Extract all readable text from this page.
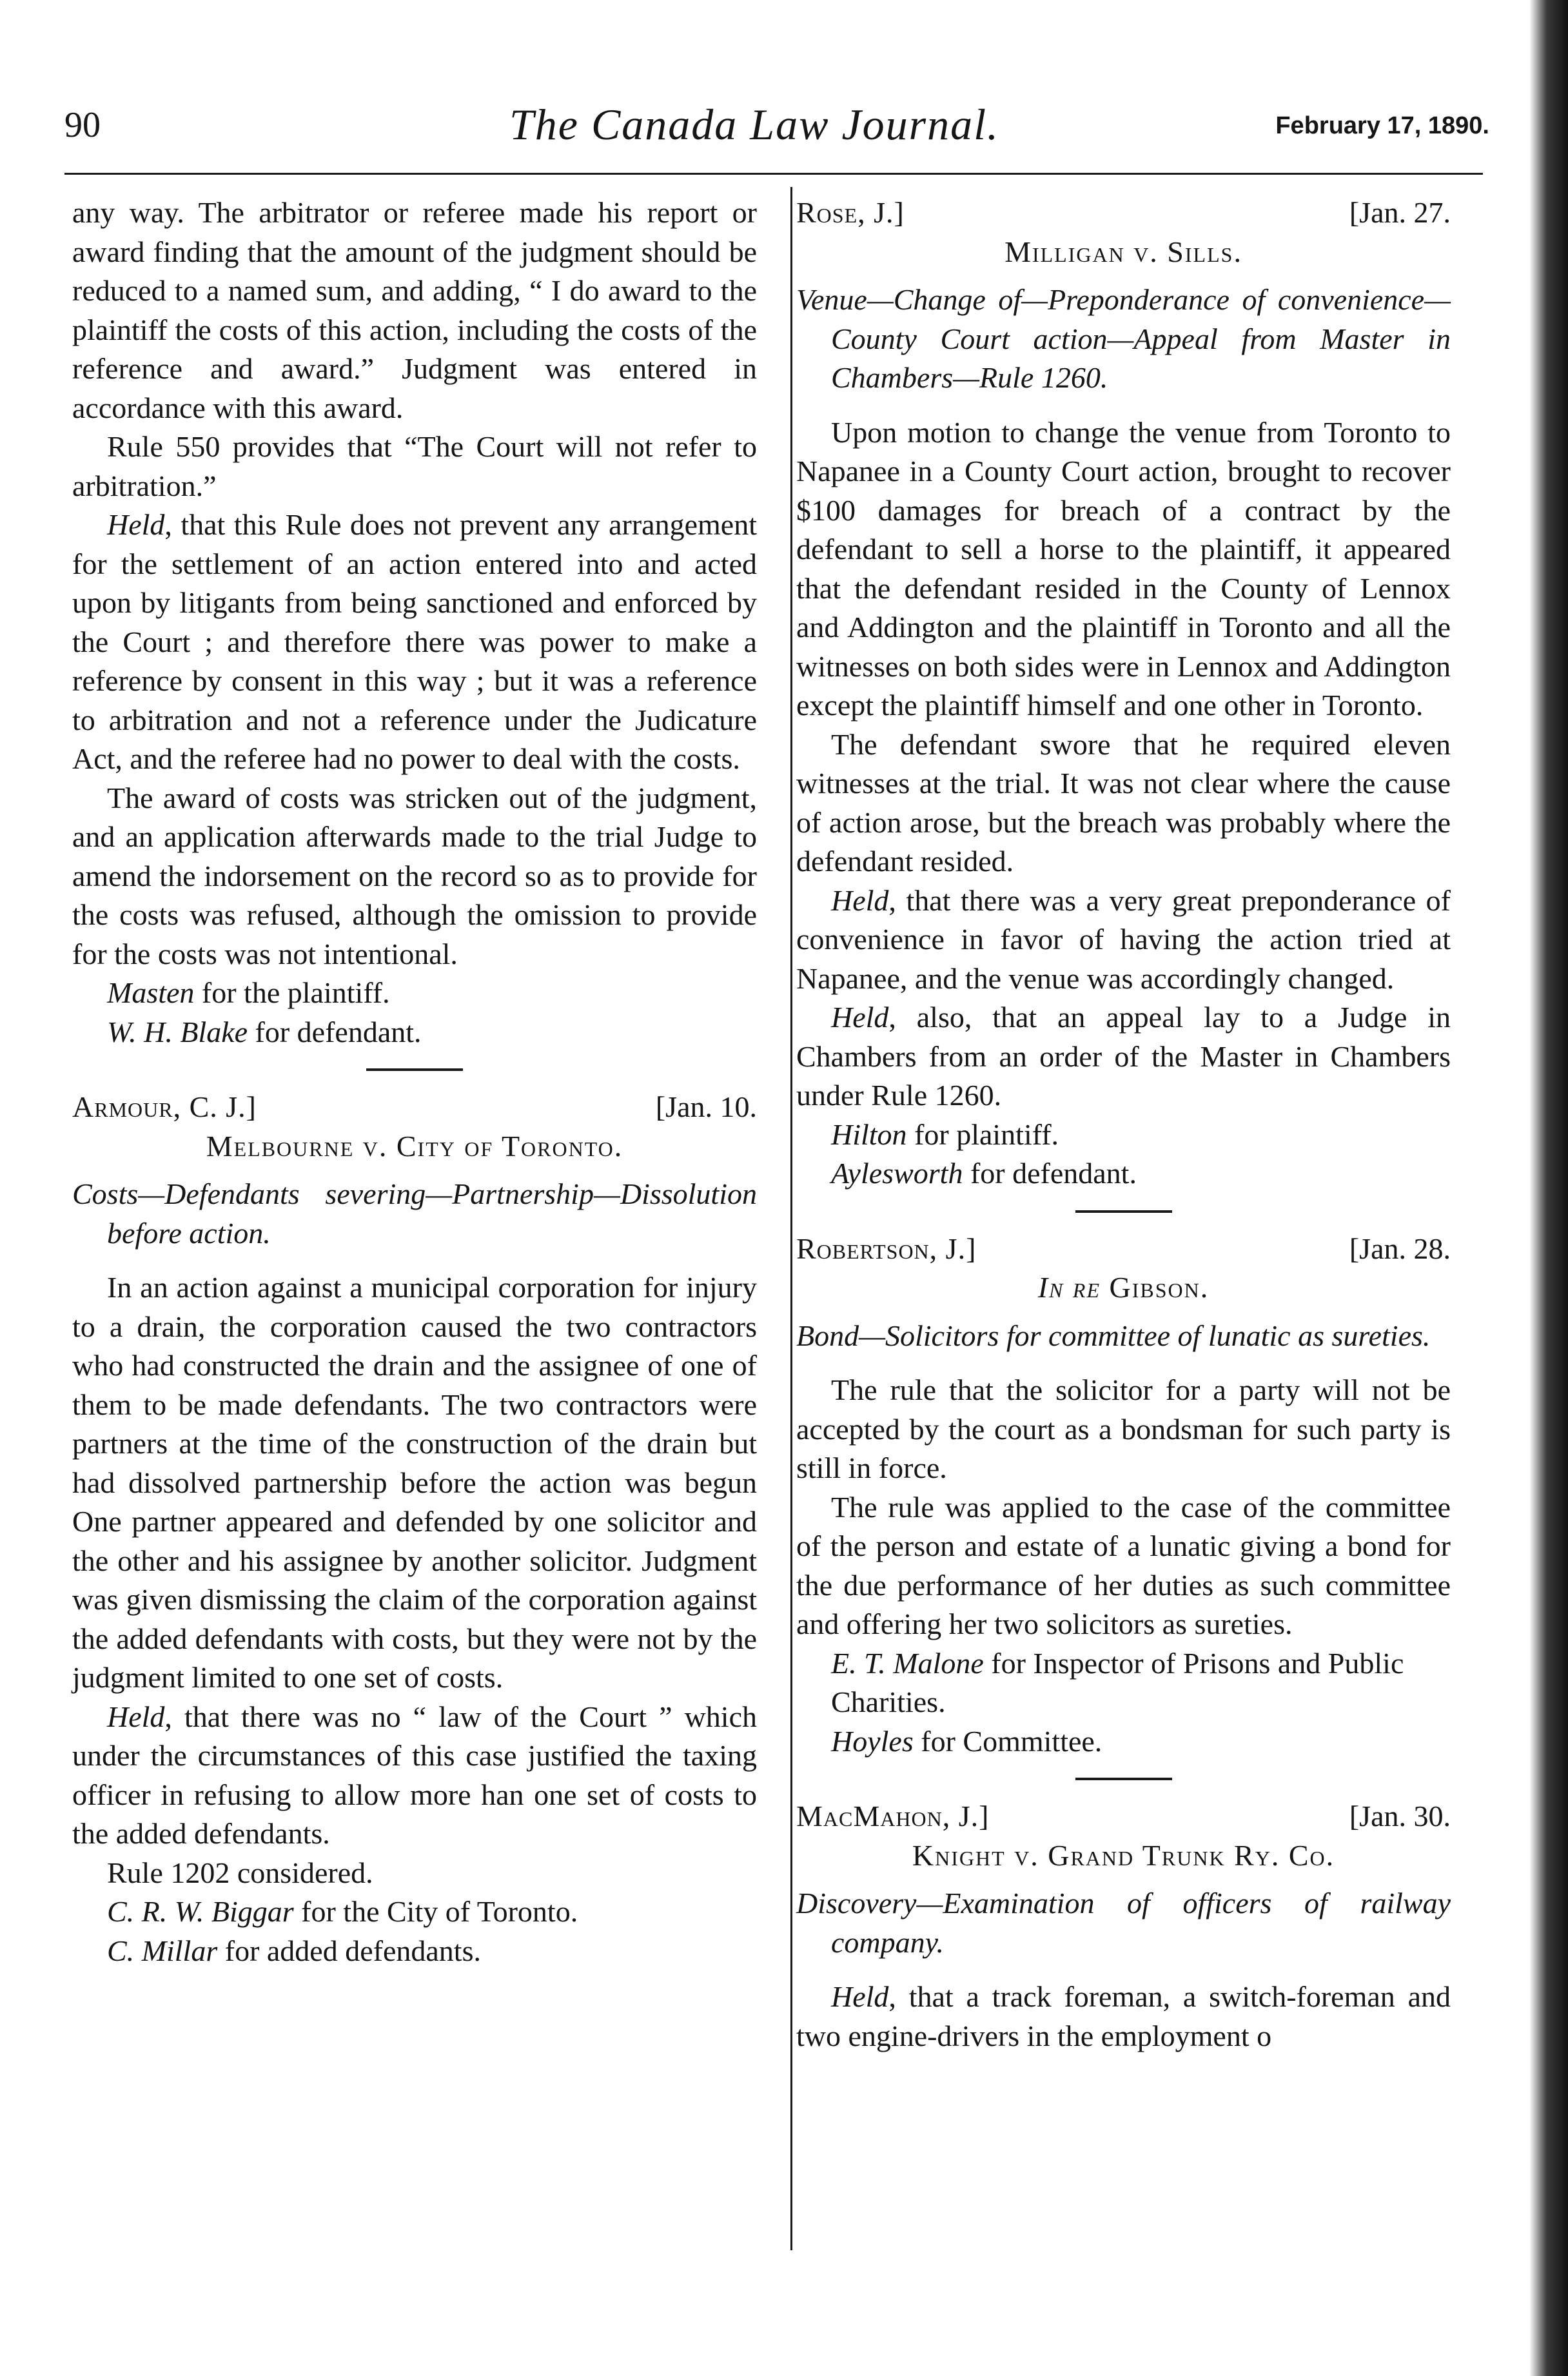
90	The Canada Law Journal.	February 17, 1890.

any way. The arbitrator or referee made his report or award finding that the amount of the judgment should be reduced to a named sum, and adding, “ I do award to the plaintiff the costs of this action, including the costs of the reference and award.” Judgment was entered in accordance with this award.

Rule 550 provides that “The Court will not refer to arbitration.”

Held, that this Rule does not prevent any arrangement for the settlement of an action entered into and acted upon by litigants from being sanctioned and enforced by the Court ; and therefore there was power to make a reference by consent in this way ; but it was a reference to arbitration and not a reference under the Judicature Act, and the referee had no power to deal with the costs.

The award of costs was stricken out of the judgment, and an application afterwards made to the trial Judge to amend the indorsement on the record so as to provide for the costs was refused, although the omission to provide for the costs was not intentional.

Masten for the plaintiff.

W. H. Blake for defendant.

Armour, C. J.]	[Jan. 10.

Melbourne v. City of Toronto.

Costs—Defendants severing—Partnership—Dissolution before action.

In an action against a municipal corporation for injury to a drain, the corporation caused the two contractors who had constructed the drain and the assignee of one of them to be made defendants. The two contractors were partners at the time of the construction of the drain but had dissolved partnership before the action was begun One partner appeared and defended by one solicitor and the other and his assignee by another solicitor. Judgment was given dismissing the claim of the corporation against the added defendants with costs, but they were not by the judgment limited to one set of costs.

Held, that there was no “ law of the Court ” which under the circumstances of this case justified the taxing officer in refusing to allow more han one set of costs to the added defendants.

Rule 1202 considered.

C. R. W. Biggar for the City of Toronto.

C. Millar for added defendants.

Rose, J.]	[Jan. 27.

Milligan v. Sills.

Venue—Change of—Preponderance of convenience—County Court action—Appeal from Master in Chambers—Rule 1260.

Upon motion to change the venue from Toronto to Napanee in a County Court action, brought to recover $100 damages for breach of a contract by the defendant to sell a horse to the plaintiff, it appeared that the defendant resided in the County of Lennox and Addington and the plaintiff in Toronto and all the witnesses on both sides were in Lennox and Addington except the plaintiff himself and one other in Toronto.

The defendant swore that he required eleven witnesses at the trial. It was not clear where the cause of action arose, but the breach was probably where the defendant resided.

Held, that there was a very great preponderance of convenience in favor of having the action tried at Napanee, and the venue was accordingly changed.

Held, also, that an appeal lay to a Judge in Chambers from an order of the Master in Chambers under Rule 1260.

Hilton for plaintiff.

Aylesworth for defendant.

Robertson, J.]	[Jan. 28.

In re Gibson.

Bond—Solicitors for committee of lunatic as sureties.

The rule that the solicitor for a party will not be accepted by the court as a bondsman for such party is still in force.

The rule was applied to the case of the committee of the person and estate of a lunatic giving a bond for the due performance of her duties as such committee and offering her two solicitors as sureties.

E. T. Malone for Inspector of Prisons and Public Charities.

Hoyles for Committee.

MacMahon, J.]	[Jan. 30.

Knight v. Grand Trunk Ry. Co.

Discovery—Examination of officers of railway company.

Held, that a track foreman, a switch-foreman and two engine-drivers in the employment o
